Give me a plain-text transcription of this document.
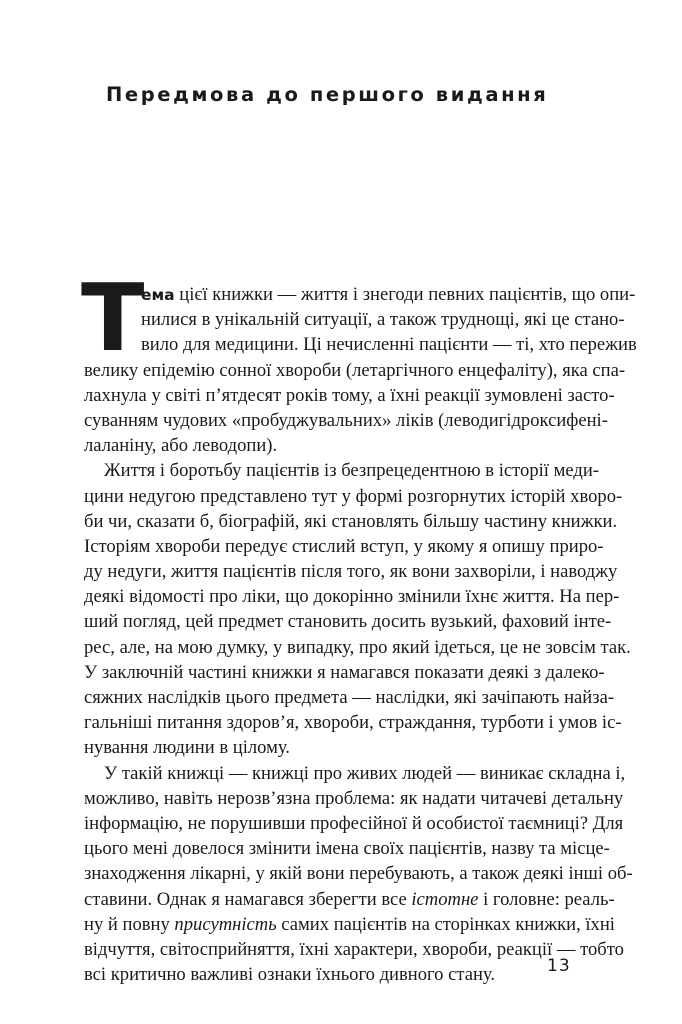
Передмова до першого видання
Т
ема цієї книжки — життя і знегоди певних пацієнтів, що опи-
нилися в унікальній ситуації, а також труднощі, які це стано-
вило для медицини. Ці нечисленні пацієнти — ті, хто пережив
велику епідемію сонної хвороби (летаргічного енцефаліту), яка спа-
лахнула у світі п’ятдесят років тому, а їхні реакції зумовлені засто-
суванням чудових «пробуджувальних» ліків (леводигідроксифені-
лаланіну, або леводопи).
Життя і боротьбу пацієнтів із безпрецедентною в історії меди-
цини недугою представлено тут у формі розгорнутих історій хворо-
би чи, сказати б, біографій, які становлять більшу частину книжки.
Історіям хвороби передує стислий вступ, у якому я опишу приро-
ду недуги, життя пацієнтів після того, як вони захворіли, і наводжу
деякі відомості про ліки, що докорінно змінили їхнє життя. На пер-
ший погляд, цей предмет становить досить вузький, фаховий інте-
рес, але, на мою думку, у випадку, про який ідеться, це не зовсім так.
У заключній частині книжки я намагався показати деякі з далеко-
сяжних наслідків цього предмета — наслідки, які зачіпають найза-
гальніші питання здоров’я, хвороби, страждання, турботи і умов іс-
нування людини в цілому.
У такій книжці — книжці про живих людей — виникає складна і,
можливо, навіть нерозв’язна проблема: як надати читачеві детальну
інформацію, не порушивши професійної й особистої таємниці? Для
цього мені довелося змінити імена своїх пацієнтів, назву та місце-
знаходження лікарні, у якій вони перебувають, а також деякі інші об-
ставини. Однак я намагався зберегти все істотне і головне: реаль-
ну й повну присутність самих пацієнтів на сторінках книжки, їхні
відчуття, світосприйняття, їхні характери, хвороби, реакції — тобто
всі критично важливі ознаки їхнього дивного стану.	13
